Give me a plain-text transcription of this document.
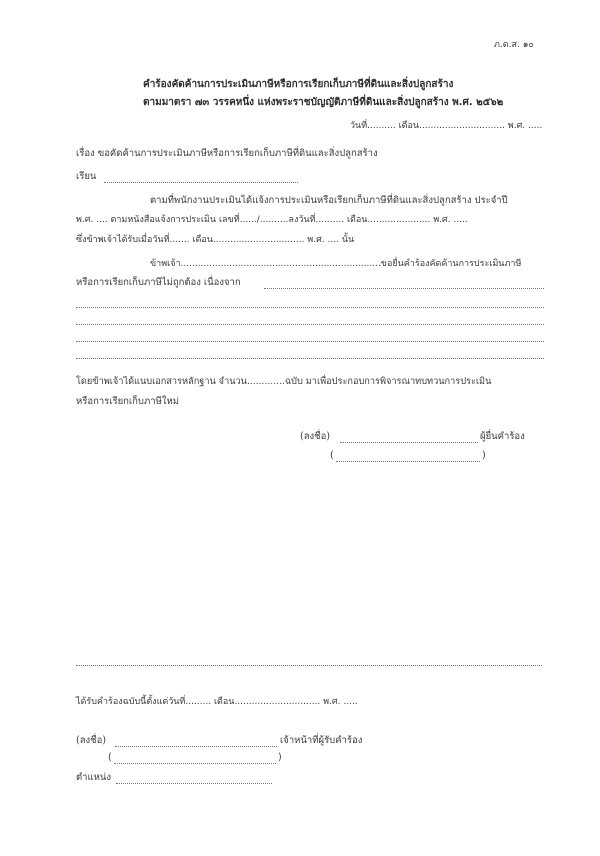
ภ.ด.ส. ๑๐
คำร้องคัดค้านการประเมินภาษีหรือการเรียกเก็บภาษีที่ดินและสิ่งปลูกสร้าง
ตามมาตรา ๗๓ วรรคหนึ่ง แห่งพระราชบัญญัติภาษีที่ดินและสิ่งปลูกสร้าง พ.ศ. ๒๕๖๒
วันที่.......... เดือน.............................. พ.ศ. .....
เรื่อง ขอคัดค้านการประเมินภาษีหรือการเรียกเก็บภาษีที่ดินและสิ่งปลูกสร้าง
เรียน
ตามที่พนักงานประเมินได้แจ้งการประเมินหรือเรียกเก็บภาษีที่ดินและสิ่งปลูกสร้าง ประจำปี
พ.ศ. .... ตามหนังสือแจ้งการประเมิน เลขที่....../..........ลงวันที่.......... เดือน...................... พ.ศ. .....
ซึ่งข้าพเจ้าได้รับเมื่อวันที่....... เดือน................................ พ.ศ. .... นั้น
ข้าพเจ้า......................................................................ขอยื่นคำร้องคัดค้านการประเมินภาษี
หรือการเรียกเก็บภาษีไม่ถูกต้อง เนื่องจาก
โดยข้าพเจ้าได้แนบเอกสารหลักฐาน จำนวน.............ฉบับ มาเพื่อประกอบการพิจารณาทบทวนการประเมิน
หรือการเรียกเก็บภาษีใหม่
(ลงชื่อ)	ผู้ยื่นคำร้อง
(	)
ได้รับคำร้องฉบับนี้ตั้งแต่วันที่......... เดือน.............................. พ.ศ. .....
(ลงชื่อ)	เจ้าหน้าที่ผู้รับคำร้อง
(	)
ตำแหน่ง
